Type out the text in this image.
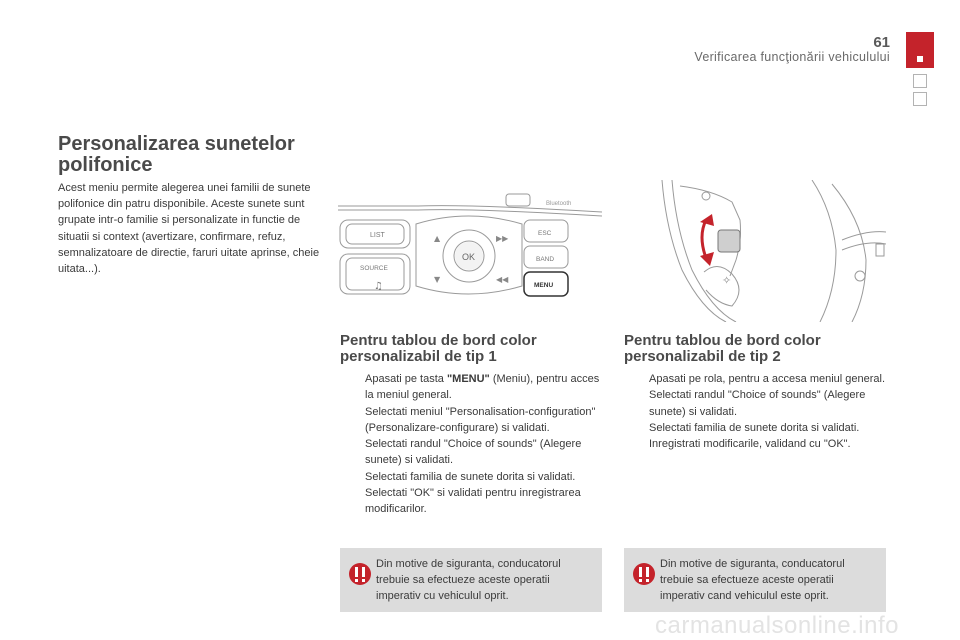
61
Verificarea funcţionării vehiculului
Personalizarea sunetelor
polifonice

Acest meniu permite alegerea unei familii de sunete polifonice din patru disponibile. Aceste sunete sunt grupate intr-o familie si personalizate in functie de situatii si context (avertizare, confirmare, refuz, semnalizatoare de directie, faruri uitate aprinse, cheie uitata...).

LIST
SOURCE
♫
OK
▲
▼
▶▶
◀◀
ESC
BAND
MENU
Bluetooth
✧
Pentru tablou de bord color
personalizabil de tip 1
Apasati pe tasta "MENU" (Meniu), pentru acces la meniul general.
Selectati meniul "Personalisation-configuration" (Personalizare-configurare) si validati.
Selectati randul "Choice of sounds" (Alegere sunete) si validati.
Selectati familia de sunete dorita si validati.
Selectati "OK" si validati pentru inregistrarea modificarilor.

Din motive de siguranta, conducatorul trebuie sa efectueze aceste operatii imperativ cu vehiculul oprit.

Pentru tablou de bord color
personalizabil de tip 2
Apasati pe rola, pentru a accesa meniul general.
Selectati randul "Choice of sounds" (Alegere sunete) si validati.
Selectati familia de sunete dorita si validati.
Inregistrati modificarile, validand cu "OK".

Din motive de siguranta, conducatorul trebuie sa efectueze aceste operatii imperativ cand vehiculul este oprit.

carmanualsonline.info
